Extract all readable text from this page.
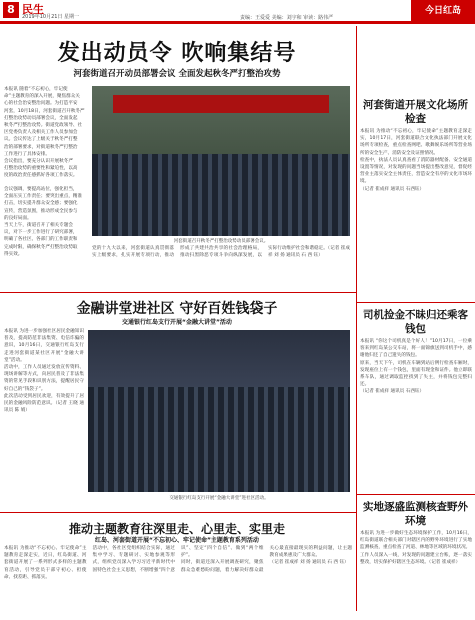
8 民生
2019年10月21日 星期一	责编：王爱爱 美编：刘宇和 审读：路伟严
今日红岛
发出动员令 吹响集结号
河套街道召开动员部署会议 全面发起秋冬严打整治攻势
本报讯 随着“不忘初心，牢记使
命”主题教育的深入开展，聚焦群众关
心的社会治安整治问题。为打造平安
河套，10月18日，河套街道召开秋冬严
打整治攻势动员部署会议，全面发起
秋冬严打整治攻势。街道党政领导、社
区党委负责人及相关工作人员参加会
议。会议传达了上级关于秋冬严打整
治的部署要求，对街道秋冬严打整治
工作进行了具体安排。
会议指出，要充分认识开展秋冬严
打整治攻势的重要性和紧迫性，以高
度的政治责任感抓好各项工作落实。
会议强调，要提高站位，强化担当，
全面压实工作责任；要突出重点，精准
打击，切实提升群众安全感；要强化
宣传，营造氛围，推动形成全民参与
的良好局面。
当天上午，街道召开了相关专题会
议，对下一步工作进行了研究部署，
明确了各社区、各部门的工作职责和
完成时限，确保秋冬严打整治攻势取
得实效。
河套街道召开秋冬严打整治攻势动员部署会议。
党的十九大以来，河套街道认真贯彻落实上级要求，扎实开展专项行动，推动形成了共建共治共享的社会治理格局，推动扫黑除恶专项斗争向纵深发展，以实际行动维护社会和谐稳定。（记者 崔成祥 刘 扬 通讯员 石 西 钰）
河套街道开展文化场所检查
本报讯 为推动“不忘初心，牢记使命”主题教育走深走实，10月17日，河套街道联合文化执法部门开展文化场所专项检查，重点检查网吧、歌舞娱乐场所等营业场所的安全生产、消防安全及证照情况。
检查中，执法人员认真查看了消防器材配备、安全通道设置等情况，对发现的问题当场提出整改意见，督促经营业主落实安全主体责任，营造安全有序的文化市场环境。
（记者 崔成祥 通讯员 石西钰）
金融讲堂进社区 守好百姓钱袋子
交通银行红岛支行开展“金融大讲堂”活动
本报讯 为进一步加强社区居民金融知识普及，提高防范非法集资、电信诈骗的意识，10月16日，交通银行红岛支行走进河套街道某社区开展“金融大讲堂”活动。
活动中，工作人员通过发放宣传资料、现场讲解等方式，向居民普及了非法集资的常见手段和识别方法，提醒居民守好自己的“钱袋子”。
此次活动受到居民欢迎，有效提升了居民的金融风险防范意识。（记者 王晓 通讯员 陈 娟）
交通银行红岛支行开展“金融大讲堂”进社区活动。
司机捡金不昧归还乘客钱包
本报讯 “你这个司机真是个好人！”10月17日，一位乘客来到红岛某公交车站，将一面锦旗送到司机手中，感谢他归还了自己遗失的钱包。
原来，当天下午，司机在车辆到站后例行检查车厢时，发现座位上有一个钱包，里面有现金和证件。他立即联系车队，通过调取监控找到了失主，并将钱包完整归还。
（记者 崔成祥 通讯员 石西钰）
实地逐盛监测核查野外环境
本报讯 为进一步做好生态环境保护工作，10月16日，红岛街道联合相关部门对辖区内的野外环境进行了实地监测核查，重点检查了河道、林地等区域的环境状况。
工作人员深入一线，对发现的问题建立台账，逐一落实整改，切实保护好辖区生态环境。（记者 崔成祥）
推动主题教育往深里走、心里走、实里走
红岛、河套街道开展“不忘初心、牢记使命”主题教育系列活动
本报讯 为推动“不忘初心、牢记使命”主题教育走深走实，近日，红岛街道、河套街道开展了一系列形式多样的主题教育活动，引导党员干部守初心、担使命、找差距、抓落实。
活动中，各社区党组织结合实际，通过集中学习、专题研讨、实地参观等形式，组织党员深入学习习近平新时代中国特色社会主义思想，不断增强“四个意识”、坚定“四个自信”、做到“两个维护”。
同时，街道还深入开展调查研究，聚焦群众急难愁盼问题，着力解决好群众最关心最直接最现实的利益问题，让主题教育成果惠及广大群众。
（记者 崔成祥 刘 扬 通讯员 石 西 钰）
